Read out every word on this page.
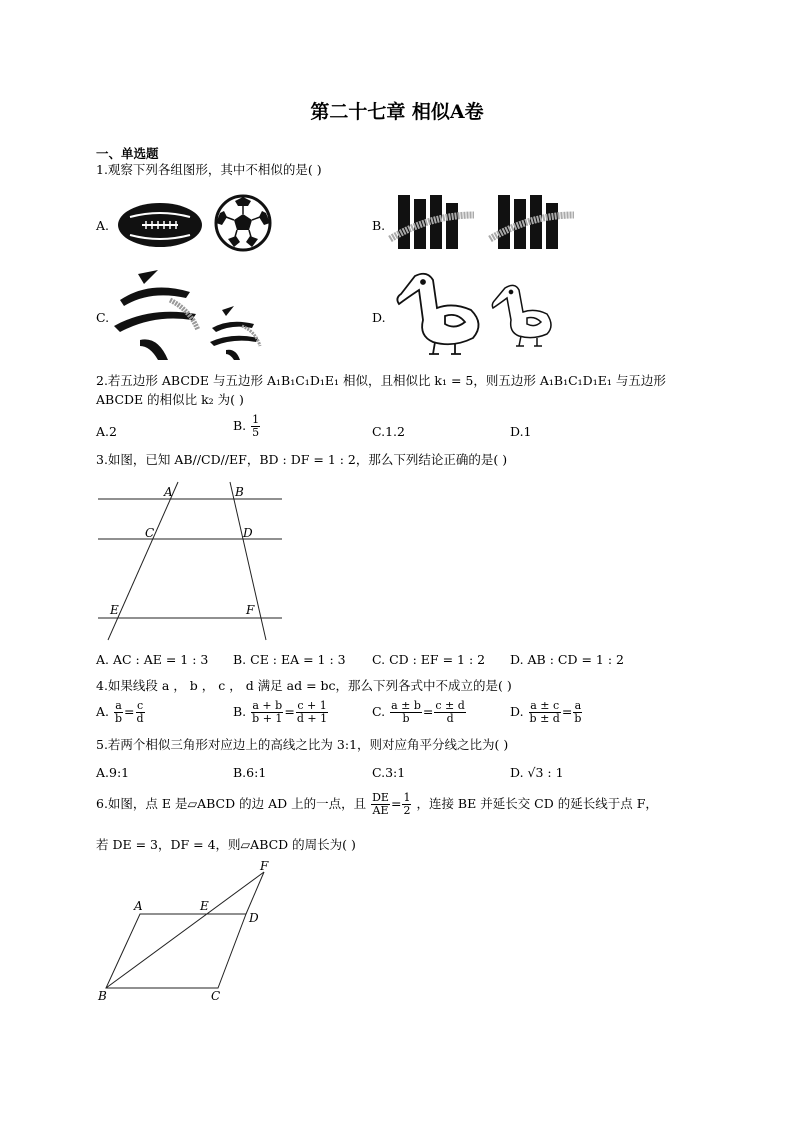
第二十七章 相似A卷
一、单选题
1.观察下列各组图形，其中不相似的是( )
A.	B.
C.	D.
2.若五边形 ABCDE 与五边形 A₁B₁C₁D₁E₁ 相似，且相似比 k₁ = 5，则五边形 A₁B₁C₁D₁E₁ 与五边形
ABCDE 的相似比 k₂ 为( )
A.2	B. $\frac{1}{5}$	C.1.2	D.1
3.如图，已知 AB//CD//EF，BD : DF = 1 : 2，那么下列结论正确的是( )
A	B
C	D
E	F
A. AC : AE = 1 : 3 B. CE : EA = 1 : 3 C. CD : EF = 1 : 2 D. AB : CD = 1 : 2
4.如果线段 a ， b ， c ， d 满足 ad = bc，那么下列各式中不成立的是( )
A. $\frac{a}{b} = \frac{c}{d}$	B. $\frac{a + b}{b + 1} = \frac{c + 1}{d + 1}$	C. $\frac{a \pm b}{b} = \frac{c \pm d}{d}$	D. $\frac{a \pm c}{b \pm d} = \frac{a}{b}$
5.若两个相似三角形对应边上的高线之比为 3:1，则对应角平分线之比为( )
A.9:1	B.6:1	C.3:1	D. √3 : 1
6.如图，点 E 是▱ABCD 的边 AD 上的一点，且 $\frac{DE}{AE} = \frac{1}{2}$ ，连接 BE 并延长交 CD 的延长线于点 F，
若 DE = 3，DF = 4，则▱ABCD 的周长为( )
A	E
D
F
B	C
